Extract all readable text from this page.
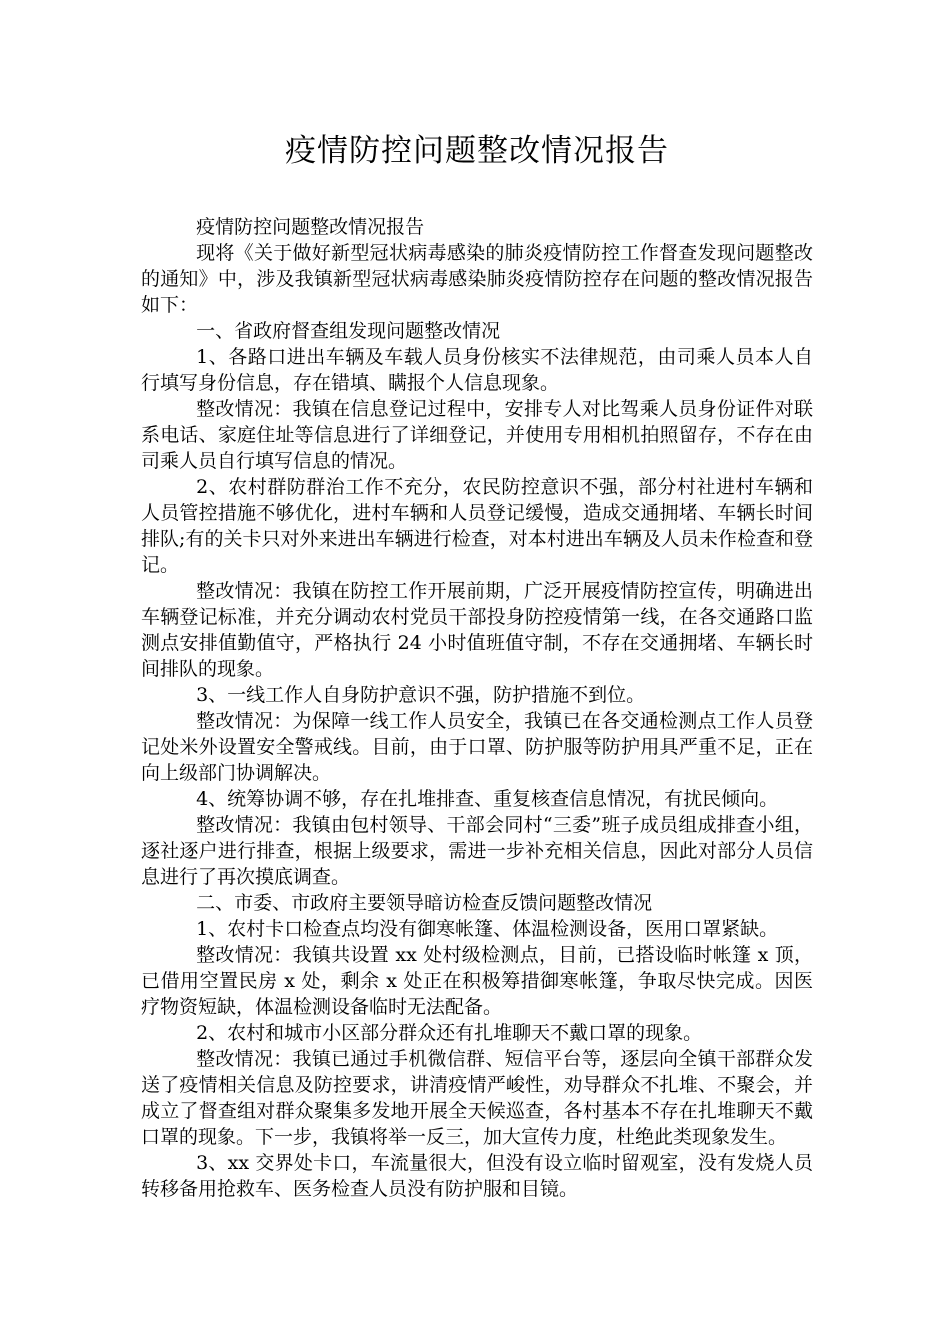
疫情防控问题整改情况报告

疫情防控问题整改情况报告

现将《关于做好新型冠状病毒感染的肺炎疫情防控工作督查发现问题整改的通知》中，涉及我镇新型冠状病毒感染肺炎疫情防控存在问题的整改情况报告如下：

一、省政府督查组发现问题整改情况

1、各路口进出车辆及车载人员身份核实不法律规范，由司乘人员本人自行填写身份信息，存在错填、瞒报个人信息现象。

整改情况：我镇在信息登记过程中，安排专人对比驾乘人员身份证件对联系电话、家庭住址等信息进行了详细登记，并使用专用相机拍照留存，不存在由司乘人员自行填写信息的情况。

2、农村群防群治工作不充分，农民防控意识不强，部分村社进村车辆和人员管控措施不够优化，进村车辆和人员登记缓慢，造成交通拥堵、车辆长时间排队;有的关卡只对外来进出车辆进行检查，对本村进出车辆及人员未作检查和登记。

整改情况：我镇在防控工作开展前期，广泛开展疫情防控宣传，明确进出车辆登记标准，并充分调动农村党员干部投身防控疫情第一线，在各交通路口监测点安排值勤值守，严格执行 24 小时值班值守制，不存在交通拥堵、车辆长时间排队的现象。

3、一线工作人自身防护意识不强，防护措施不到位。

整改情况：为保障一线工作人员安全，我镇已在各交通检测点工作人员登记处米外设置安全警戒线。目前，由于口罩、防护服等防护用具严重不足，正在向上级部门协调解决。

4、统筹协调不够，存在扎堆排查、重复核查信息情况，有扰民倾向。

整改情况：我镇由包村领导、干部会同村“三委”班子成员组成排查小组，逐社逐户进行排查，根据上级要求，需进一步补充相关信息，因此对部分人员信息进行了再次摸底调查。

二、市委、市政府主要领导暗访检查反馈问题整改情况

1、农村卡口检查点均没有御寒帐篷、体温检测设备，医用口罩紧缺。

整改情况：我镇共设置 xx 处村级检测点，目前，已搭设临时帐篷 x 顶，已借用空置民房 x 处，剩余 x 处正在积极筹措御寒帐篷，争取尽快完成。因医疗物资短缺，体温检测设备临时无法配备。

2、农村和城市小区部分群众还有扎堆聊天不戴口罩的现象。

整改情况：我镇已通过手机微信群、短信平台等，逐层向全镇干部群众发送了疫情相关信息及防控要求，讲清疫情严峻性，劝导群众不扎堆、不聚会，并成立了督查组对群众聚集多发地开展全天候巡查，各村基本不存在扎堆聊天不戴口罩的现象。下一步，我镇将举一反三，加大宣传力度，杜绝此类现象发生。

3、xx 交界处卡口，车流量很大，但没有设立临时留观室，没有发烧人员转移备用抢救车、医务检查人员没有防护服和目镜。
